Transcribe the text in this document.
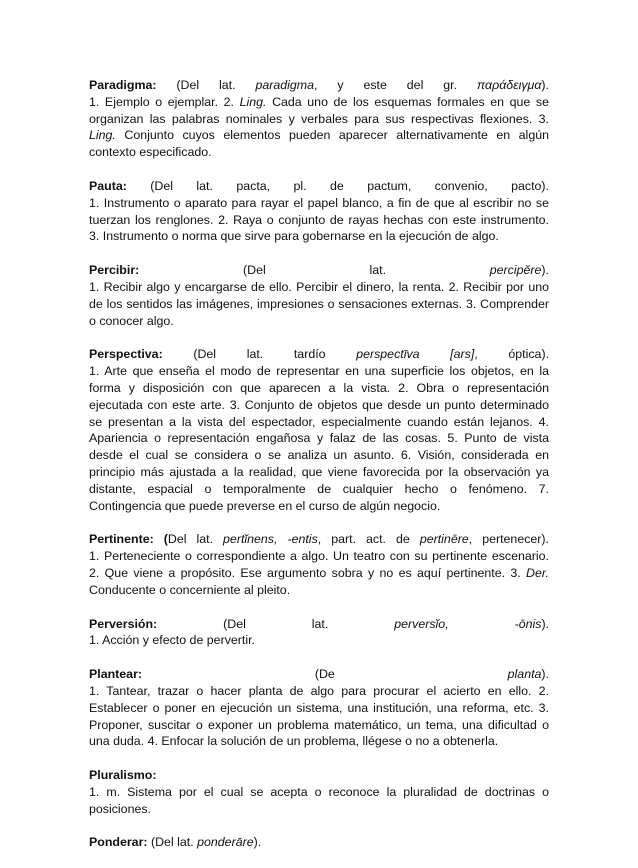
Paradigma: (Del lat. paradigma, y este del gr. παράδειγμα).
1. Ejemplo o ejemplar. 2. Ling. Cada uno de los esquemas formales en que se
organizan las palabras nominales y verbales para sus respectivas flexiones. 3.
Ling. Conjunto cuyos elementos pueden aparecer alternativamente en algún
contexto especificado.
Pauta: (Del lat. pacta, pl. de pactum, convenio, pacto).
1. Instrumento o aparato para rayar el papel blanco, a fin de que al escribir no se
tuerzan los renglones. 2. Raya o conjunto de rayas hechas con este instrumento.
3. Instrumento o norma que sirve para gobernarse en la ejecución de algo.
Percibir: (Del lat. percipĕre).
1. Recibir algo y encargarse de ello. Percibir el dinero, la renta. 2. Recibir por uno
de los sentidos las imágenes, impresiones o sensaciones externas. 3. Comprender
o conocer algo.
Perspectiva: (Del lat. tardío perspectīva [ars], óptica).
1. Arte que enseña el modo de representar en una superficie los objetos, en la
forma y disposición con que aparecen a la vista. 2. Obra o representación
ejecutada con este arte. 3. Conjunto de objetos que desde un punto determinado
se presentan a la vista del espectador, especialmente cuando están lejanos. 4.
Apariencia o representación engañosa y falaz de las cosas. 5. Punto de vista
desde el cual se considera o se analiza un asunto. 6. Visión, considerada en
principio más ajustada a la realidad, que viene favorecida por la observación ya
distante, espacial o temporalmente de cualquier hecho o fenómeno. 7.
Contingencia que puede preverse en el curso de algún negocio.
Pertinente: (Del lat. pertĭnens, -entis, part. act. de pertinēre, pertenecer).
1. Perteneciente o correspondiente a algo. Un teatro con su pertinente escenario.
2. Que viene a propósito. Ese argumento sobra y no es aquí pertinente. 3. Der.
Conducente o concerniente al pleito.
Perversión: (Del lat. perversĭo, -ōnis).
1. Acción y efecto de pervertir.
Plantear: (De planta).
1. Tantear, trazar o hacer planta de algo para procurar el acierto en ello. 2.
Establecer o poner en ejecución un sistema, una institución, una reforma, etc. 3.
Proponer, suscitar o exponer un problema matemático, un tema, una dificultad o
una duda. 4. Enfocar la solución de un problema, llégese o no a obtenerla.
Pluralismo:
1. m. Sistema por el cual se acepta o reconoce la pluralidad de doctrinas o
posiciones.
Ponderar: (Del lat. ponderāre).
